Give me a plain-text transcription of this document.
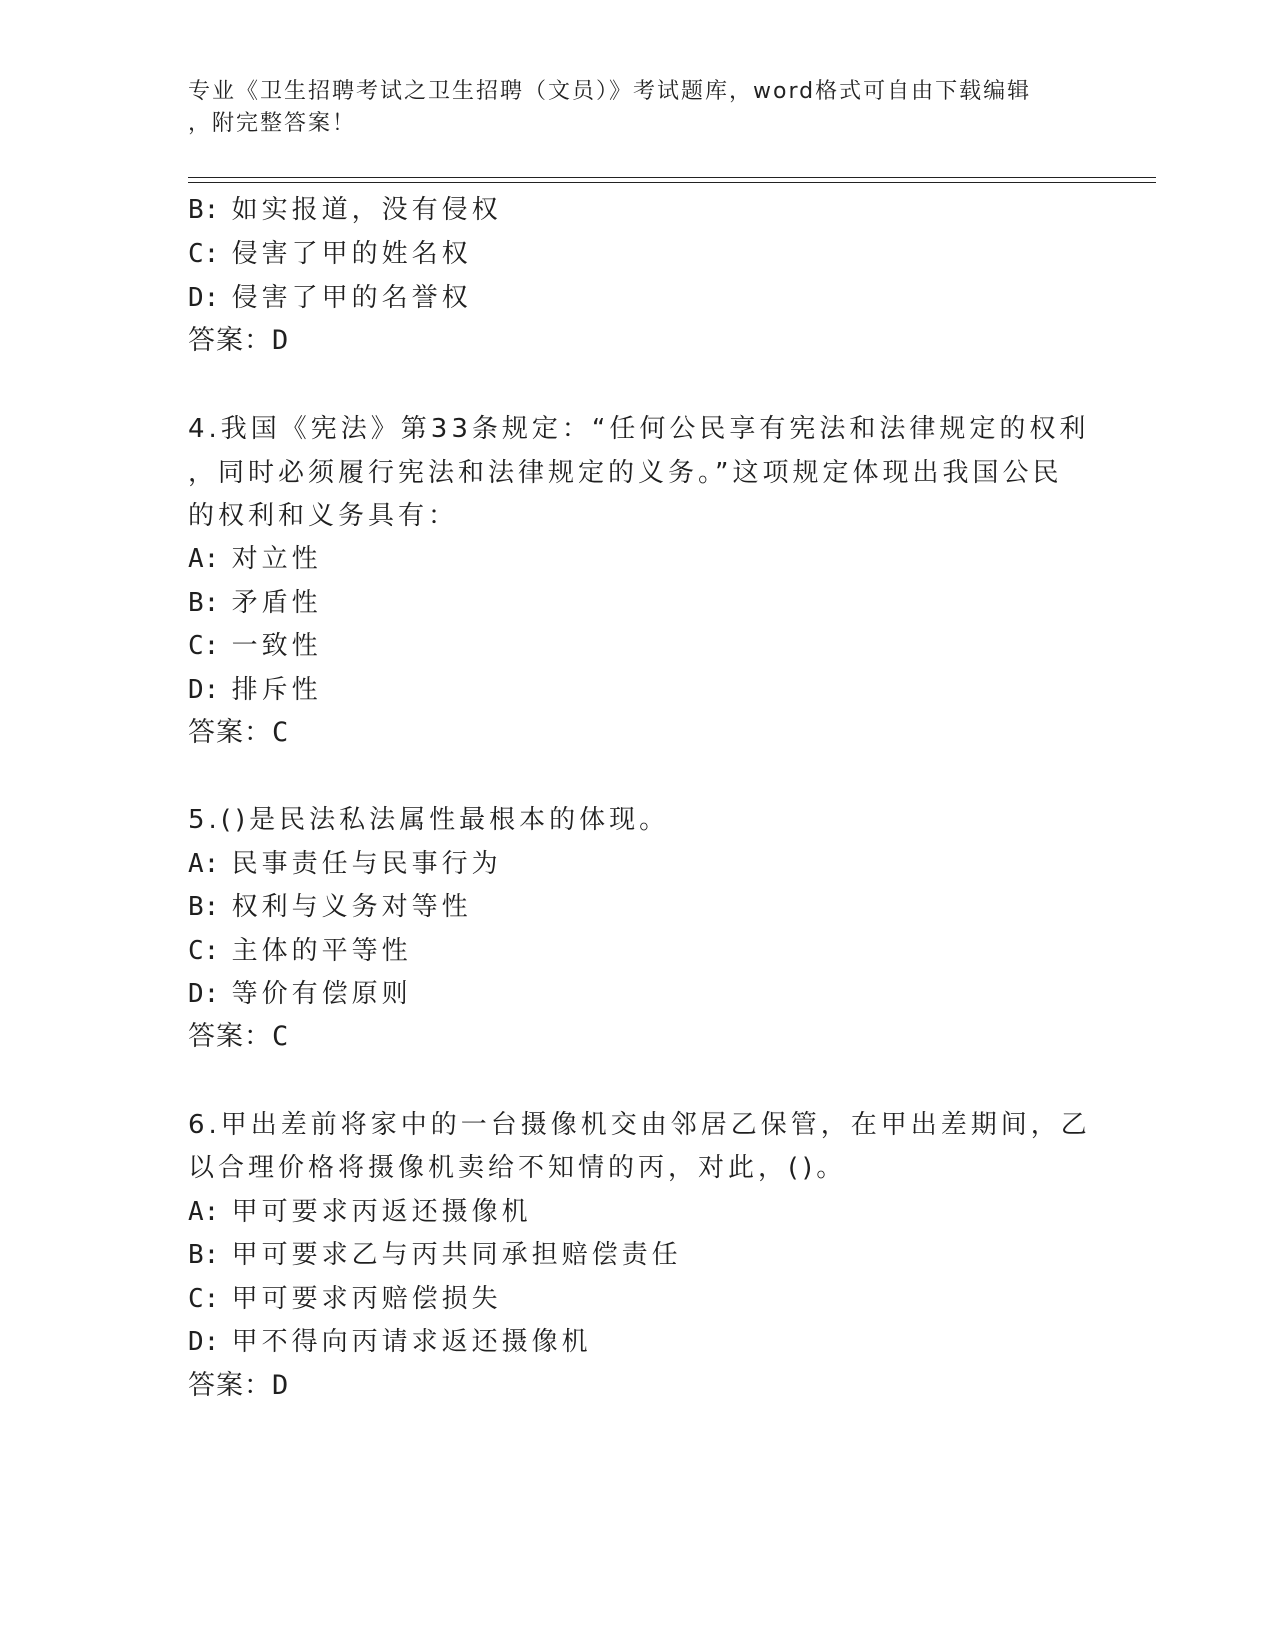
专业《卫生招聘考试之卫生招聘（文员）》考试题库，word格式可自由下载编辑

，附完整答案！

B: 如实报道，没有侵权
C: 侵害了甲的姓名权
D: 侵害了甲的名誉权
答案：D
4.我国《宪法》第33条规定：“任何公民享有宪法和法律规定的权利
，同时必须履行宪法和法律规定的义务。”这项规定体现出我国公民
的权利和义务具有：
A: 对立性
B: 矛盾性
C: 一致性
D: 排斥性
答案：C
5.()是民法私法属性最根本的体现。
A: 民事责任与民事行为
B: 权利与义务对等性
C: 主体的平等性
D: 等价有偿原则
答案：C
6.甲出差前将家中的一台摄像机交由邻居乙保管，在甲出差期间，乙
以合理价格将摄像机卖给不知情的丙，对此，()。
A: 甲可要求丙返还摄像机
B: 甲可要求乙与丙共同承担赔偿责任
C: 甲可要求丙赔偿损失
D: 甲不得向丙请求返还摄像机
答案：D
